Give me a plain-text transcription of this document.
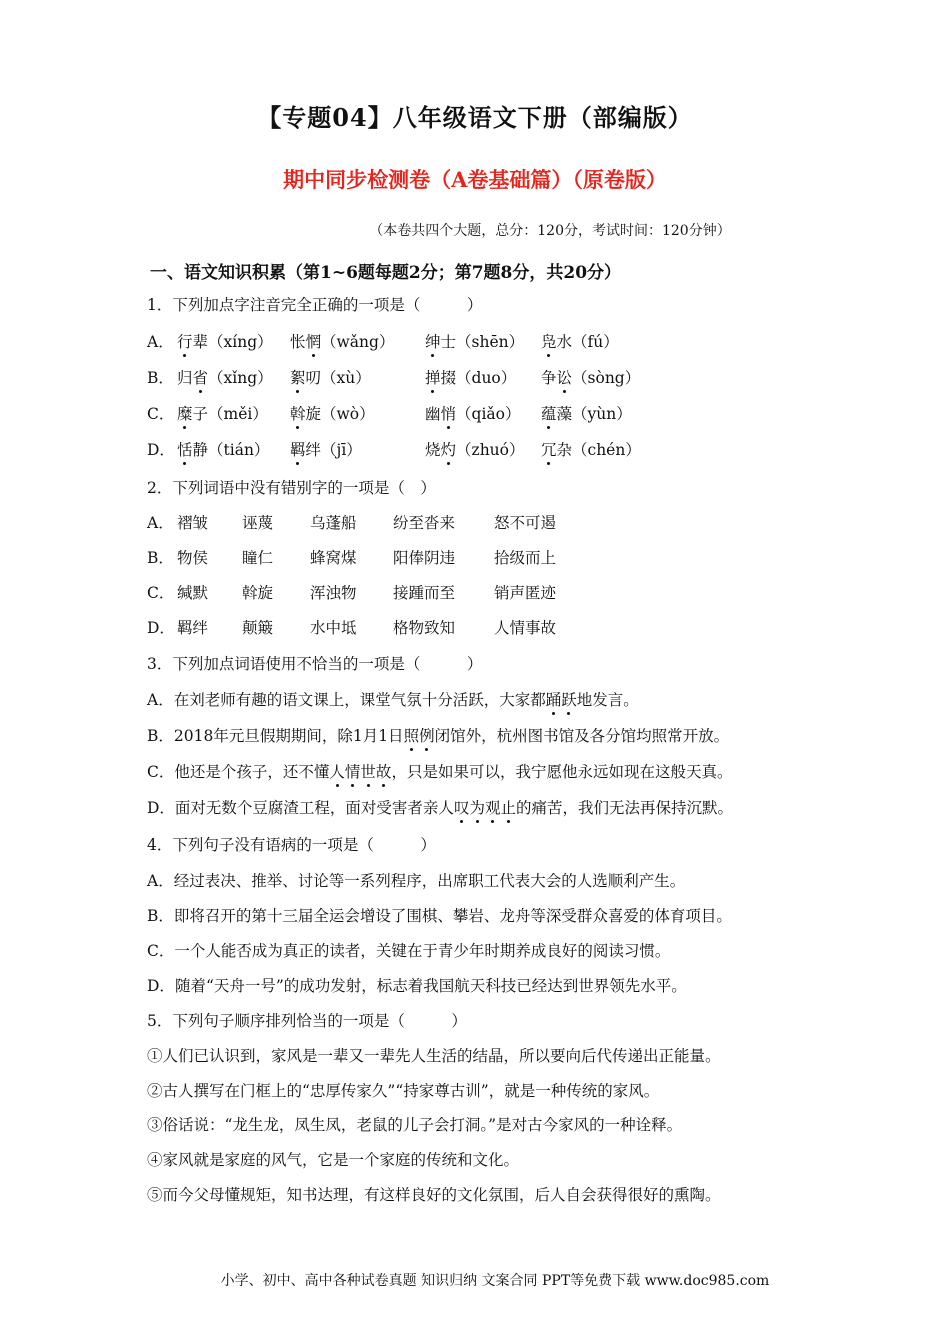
【专题04】八年级语文下册（部编版）
期中同步检测卷（A卷基础篇）（原卷版）
（本卷共四个大题，总分：120分，考试时间：120分钟）
一、语文知识积累（第1~6题每题2分；第7题8分，共20分）
1．下列加点字注音完全正确的一项是（　　　）
A． 行辈（xíng） 怅惘（wǎng） 绅士（shēn） 凫水（fú）
B． 归省（xǐng） 絮叨（xù）	掸掇（duo） 争讼（sòng）
C． 糜子（měi） 斡旋（wò）	幽悄（qiǎo） 蕴藻（yùn）
D． 恬静（tián） 羁绊（jī）	烧灼（zhuó） 冗杂（chén）
2．下列词语中没有错别字的一项是（　）
A． 褶皱 诬蔑 乌蓬船 纷至沓来	怒不可遏
B． 物侯 瞳仁 蜂窝煤 阳俸阴违	拾级而上
C． 缄默 斡旋 浑浊物 接踵而至	销声匿迹
D． 羁绊 颠簸 水中坻 格物致知	人情事故
3．下列加点词语使用不恰当的一项是（　　　）
A．在刘老师有趣的语文课上，课堂气氛十分活跃，大家都踊跃地发言。
B．2018年元旦假期期间，除1月1日照例闭馆外，杭州图书馆及各分馆均照常开放。
C．他还是个孩子，还不懂人情世故，只是如果可以，我宁愿他永远如现在这般天真。
D．面对无数个豆腐渣工程，面对受害者亲人叹为观止的痛苦，我们无法再保持沉默。
4．下列句子没有语病的一项是（　　　）
A．经过表决、推举、讨论等一系列程序，出席职工代表大会的人选顺利产生。
B．即将召开的第十三届全运会增设了围棋、攀岩、龙舟等深受群众喜爱的体育项目。
C．一个人能否成为真正的读者，关键在于青少年时期养成良好的阅读习惯。
D．随着“天舟一号”的成功发射，标志着我国航天科技已经达到世界领先水平。
5．下列句子顺序排列恰当的一项是（　　　）
①人们已认识到，家风是一辈又一辈先人生活的结晶，所以要向后代传递出正能量。
②古人撰写在门框上的“忠厚传家久”“持家尊古训”，就是一种传统的家风。
③俗话说：“龙生龙，凤生凤，老鼠的儿子会打洞。”是对古今家风的一种诠释。
④家风就是家庭的风气，它是一个家庭的传统和文化。
⑤而今父母懂规矩，知书达理，有这样良好的文化氛围，后人自会获得很好的熏陶。
小学、初中、高中各种试卷真题 知识归纳 文案合同 PPT等免费下载 www.doc985.com
